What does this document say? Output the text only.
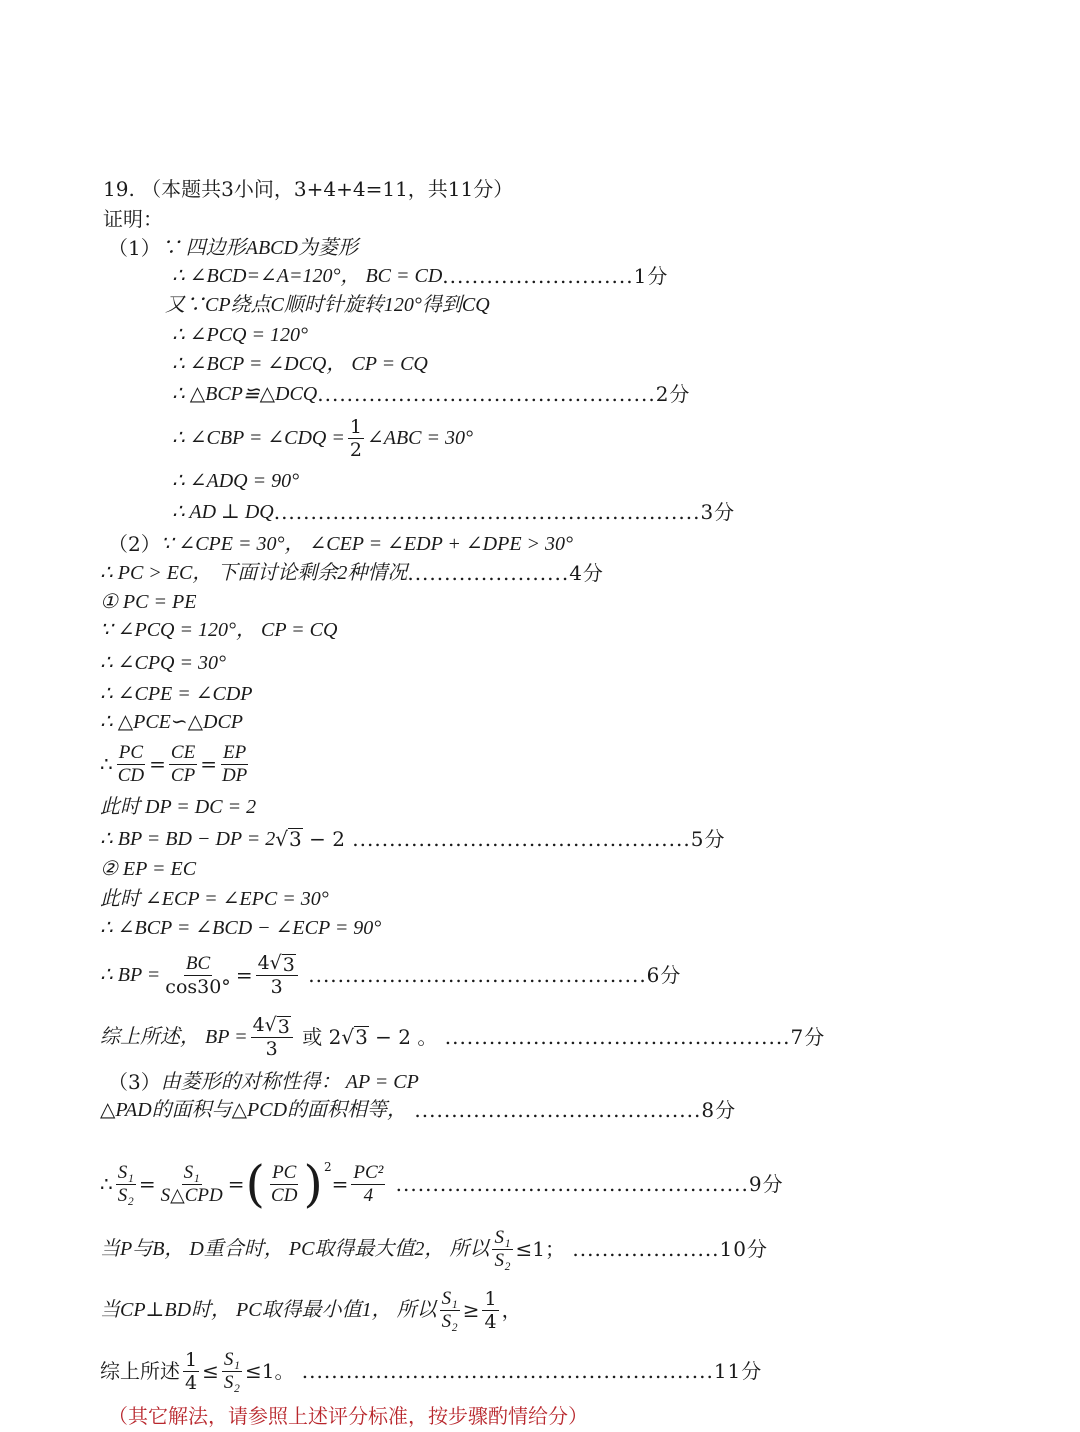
19.
（本题共3小问，3+4+4=11，共11分）
证明：
（1） ∵ 四边形ABCD为菱形
∴ ∠BCD=∠A=120°， BC = CD ..........................1分
又∵CP绕点C顺时针旋转120°得到CQ
∴ ∠PCQ = 120°
∴ ∠BCP = ∠DCQ， CP = CQ
∴ △BCP≌△DCQ ..............................................2分
∴ ∠CBP = ∠CDQ = $\frac{1}{2}$ ∠ABC = 30°
∴ ∠ADQ = 90°
∴ AD ⊥ DQ ..........................................................3分
（2） ∵ ∠CPE = 30°， ∠CEP = ∠EDP + ∠DPE > 30°
∴ PC > EC， 下面讨论剩余2种情况 ......................4分
① PC = PE
∵ ∠PCQ = 120°， CP = CQ
∴ ∠CPQ = 30°
∴ ∠CPE = ∠CDP
∴ △PCE∽△DCP
∴ $\frac{PC}{CD} = \frac{CE}{CP} = \frac{EP}{DP}$
此时 DP = DC = 2
∴ BP = BD − DP = 2 √ 3 − 2 ..............................................5分
② EP = EC
此时 ∠ECP = ∠EPC = 30°
∴ ∠BCP = ∠BCD − ∠ECP = 90°
∴ BP = $\frac{BC}{\cos 30^\circ} = \frac{4 √ 3}{3} ..............................................6$分
综上所述， BP = $\frac{4 √ 3}{3}$ 或 2 √ 3 − 2 。 ...............................................7分
（3） 由菱形的对称性得： AP = CP
△PAD的面积与△PCD的面积相等， .......................................8分
∴ $\frac{\text{S₁}}{\text{S₂}} = \frac{\text{S₁}}{\text{S△CPD}}$ = ( $\frac{PC}{CD}$ ) 2
= $\frac{\text{PC²}}{4} ................................................9$分
当P与B， D重合时， PC取得最大值2， 所以 $\frac{\text{S₁}}{\text{S₂}} \le 1$； ....................10分
当CP⊥BD时， PC取得最小值1， 所以 $\frac{\text{S₁}}{\text{S₂}} \ge \frac{1}{4}$ ，
综上所述 $\frac{1}{4} \le \frac{\text{S₁}}{\text{S₂}} \le 1$。 ........................................................11分
（其它解法，请参照上述评分标准，按步骤酌情给分）
